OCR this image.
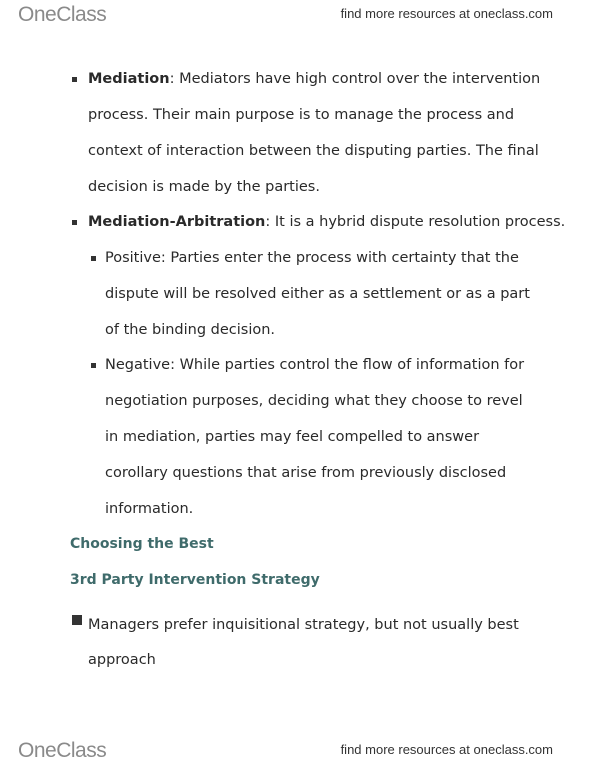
OneClass	find more resources at oneclass.com
Mediation: Mediators have high control over the intervention
process. Their main purpose is to manage the process and
context of interaction between the disputing parties. The final
decision is made by the parties.
Mediation-Arbitration: It is a hybrid dispute resolution process.
Positive: Parties enter the process with certainty that the
dispute will be resolved either as a settlement or as a part
of the binding decision.
Negative: While parties control the flow of information for
negotiation purposes, deciding what they choose to revel
in mediation, parties may feel compelled to answer
corollary questions that arise from previously disclosed
information.
Choosing the Best
3rd Party Intervention Strategy
Managers prefer inquisitional strategy, but not usually best
approach
OneClass	find more resources at oneclass.com
